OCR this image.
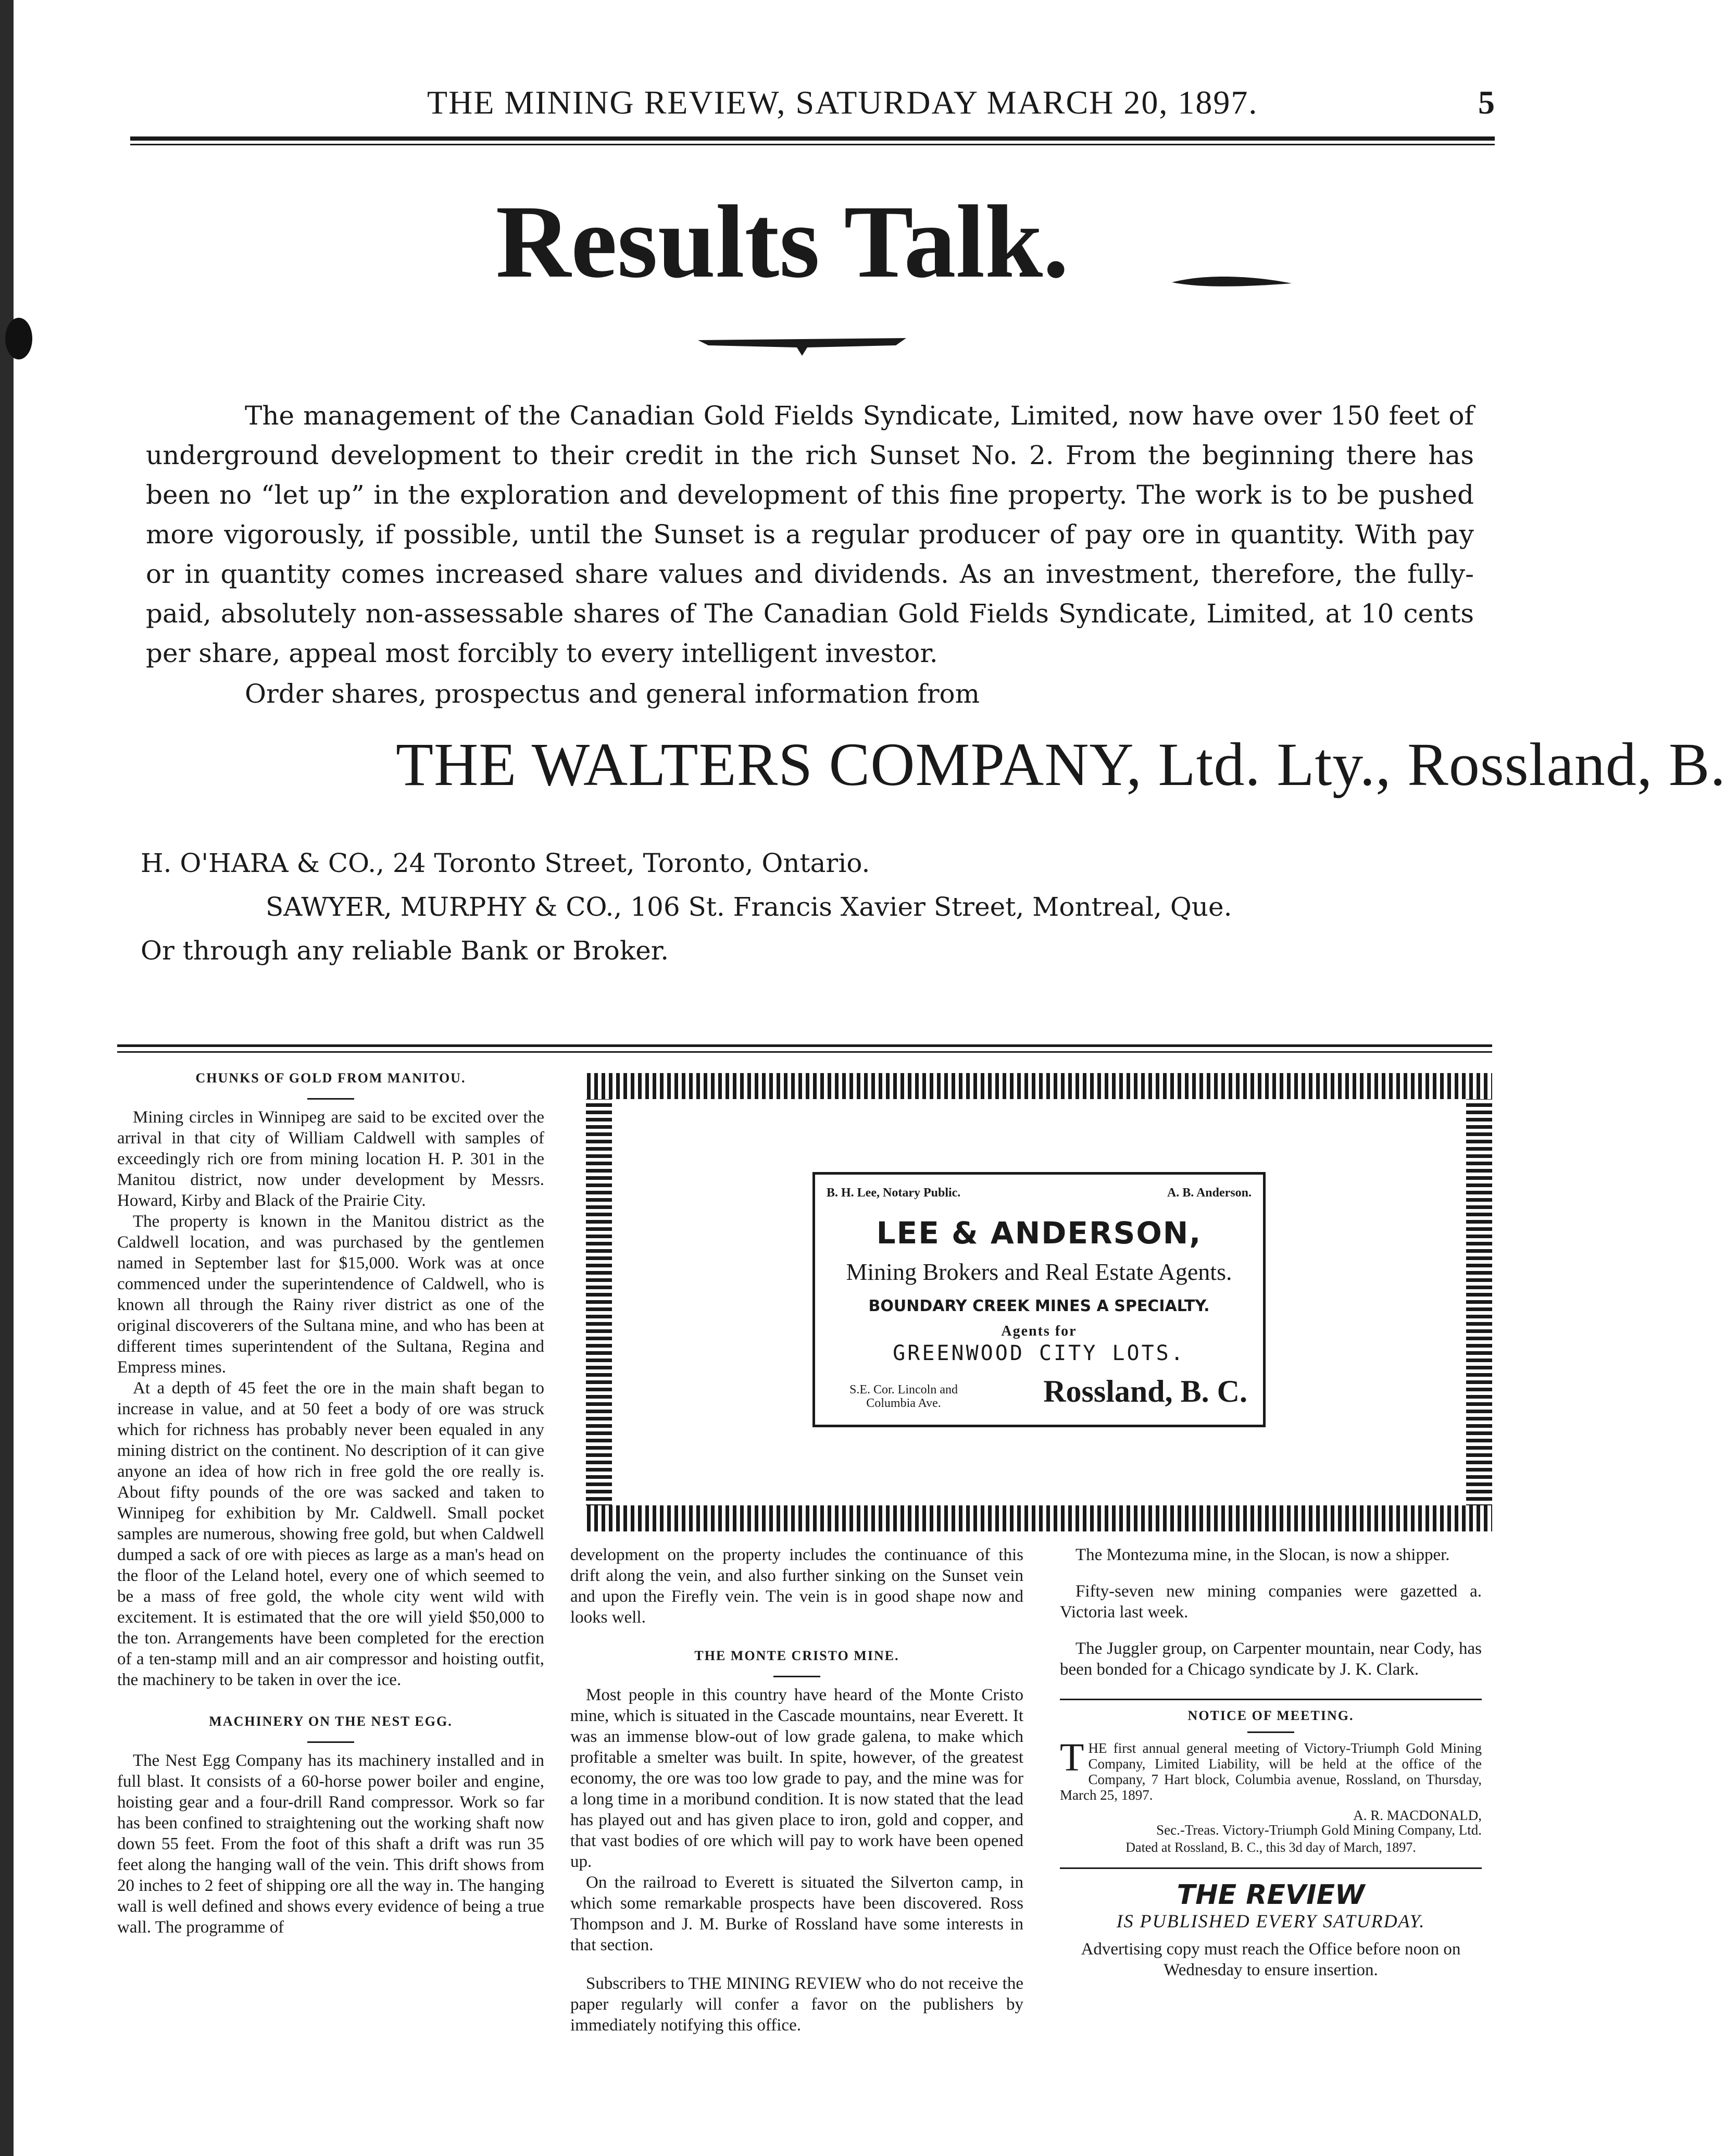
THE MINING REVIEW, SATURDAY MARCH 20, 1897.	5
Results Talk.

The management of the Canadian Gold Fields Syndicate, Limited, now have over 150 feet of underground development to their credit in the rich Sunset No. 2. From the beginning there has been no “let up” in the exploration and development of this fine property. The work is to be pushed more vigorously, if possible, until the Sunset is a regular producer of pay ore in quantity. With pay or in quantity comes increased share values and dividends. As an investment, therefore, the fully-paid, absolutely non-assessable shares of The Canadian Gold Fields Syndicate, Limited, at 10 cents per share, appeal most forcibly to every intelligent investor.

Order shares, prospectus and general information from

THE WALTERS COMPANY, Ltd. Lty., Rossland, B.
H. O'HARA & CO., 24 Toronto Street, Toronto, Ontario.
SAWYER, MURPHY & CO., 106 St. Francis Xavier Street, Montreal, Que.
Or through any reliable Bank or Broker.
CHUNKS OF GOLD FROM MANITOU.

Mining circles in Winnipeg are said to be excited over the arrival in that city of William Caldwell with samples of exceedingly rich ore from mining location H. P. 301 in the Manitou district, now under development by Messrs. Howard, Kirby and Black of the Prairie City.

The property is known in the Manitou district as the Caldwell location, and was purchased by the gentlemen named in September last for $15,000. Work was at once commenced under the superintendence of Caldwell, who is known all through the Rainy river district as one of the original discoverers of the Sultana mine, and who has been at different times superintendent of the Sultana, Regina and Empress mines.

At a depth of 45 feet the ore in the main shaft began to increase in value, and at 50 feet a body of ore was struck which for richness has probably never been equaled in any mining district on the continent. No description of it can give anyone an idea of how rich in free gold the ore really is. About fifty pounds of the ore was sacked and taken to Winnipeg for exhibition by Mr. Caldwell. Small pocket samples are numerous, showing free gold, but when Caldwell dumped a sack of ore with pieces as large as a man's head on the floor of the Leland hotel, every one of which seemed to be a mass of free gold, the whole city went wild with excitement. It is estimated that the ore will yield $50,000 to the ton. Arrangements have been completed for the erection of a ten-stamp mill and an air compressor and hoisting outfit, the machinery to be taken in over the ice.

MACHINERY ON THE NEST EGG.

The Nest Egg Company has its machinery installed and in full blast. It consists of a 60-horse power boiler and engine, hoisting gear and a four-drill Rand compressor. Work so far has been confined to straightening out the working shaft now down 55 feet. From the foot of this shaft a drift was run 35 feet along the hanging wall of the vein. This drift shows from 20 inches to 2 feet of shipping ore all the way in. The hanging wall is well defined and shows every evidence of being a true wall. The programme of

B. H. Lee, Notary Public.	A. B. Anderson.
LEE & ANDERSON,
Mining Brokers and Real Estate Agents.
BOUNDARY CREEK MINES A SPECIALTY.
Agents for
GREENWOOD CITY LOTS.
S.E. Cor. Lincoln and Columbia Ave.	Rossland, B. C.

development on the property includes the continuance of this drift along the vein, and also further sinking on the Sunset vein and upon the Firefly vein. The vein is in good shape now and looks well.

THE MONTE CRISTO MINE.

Most people in this country have heard of the Monte Cristo mine, which is situated in the Cascade mountains, near Everett. It was an immense blow-out of low grade galena, to make which profitable a smelter was built. In spite, however, of the greatest economy, the ore was too low grade to pay, and the mine was for a long time in a moribund condition. It is now stated that the lead has played out and has given place to iron, gold and copper, and that vast bodies of ore which will pay to work have been opened up.

On the railroad to Everett is situated the Silverton camp, in which some remarkable prospects have been discovered. Ross Thompson and J. M. Burke of Rossland have some interests in that section.

Subscribers to THE MINING REVIEW who do not receive the paper regularly will confer a favor on the publishers by immediately notifying this office.

The Montezuma mine, in the Slocan, is now a shipper.

Fifty-seven new mining companies were gazetted a. Victoria last week.

The Juggler group, on Carpenter mountain, near Cody, has been bonded for a Chicago syndicate by J. K. Clark.

NOTICE OF MEETING.
THE first annual general meeting of Victory-Triumph Gold Mining Company, Limited Liability, will be held at the office of the Company, 7 Hart block, Columbia avenue, Rossland, on Thursday, March 25, 1897.
A. R. MACDONALD,
Sec.-Treas. Victory-Triumph Gold Mining Company, Ltd.
Dated at Rossland, B. C., this 3d day of March, 1897.
THE REVIEW
IS PUBLISHED EVERY SATURDAY.
Advertising copy must reach the Office before noon on Wednesday to ensure insertion.
